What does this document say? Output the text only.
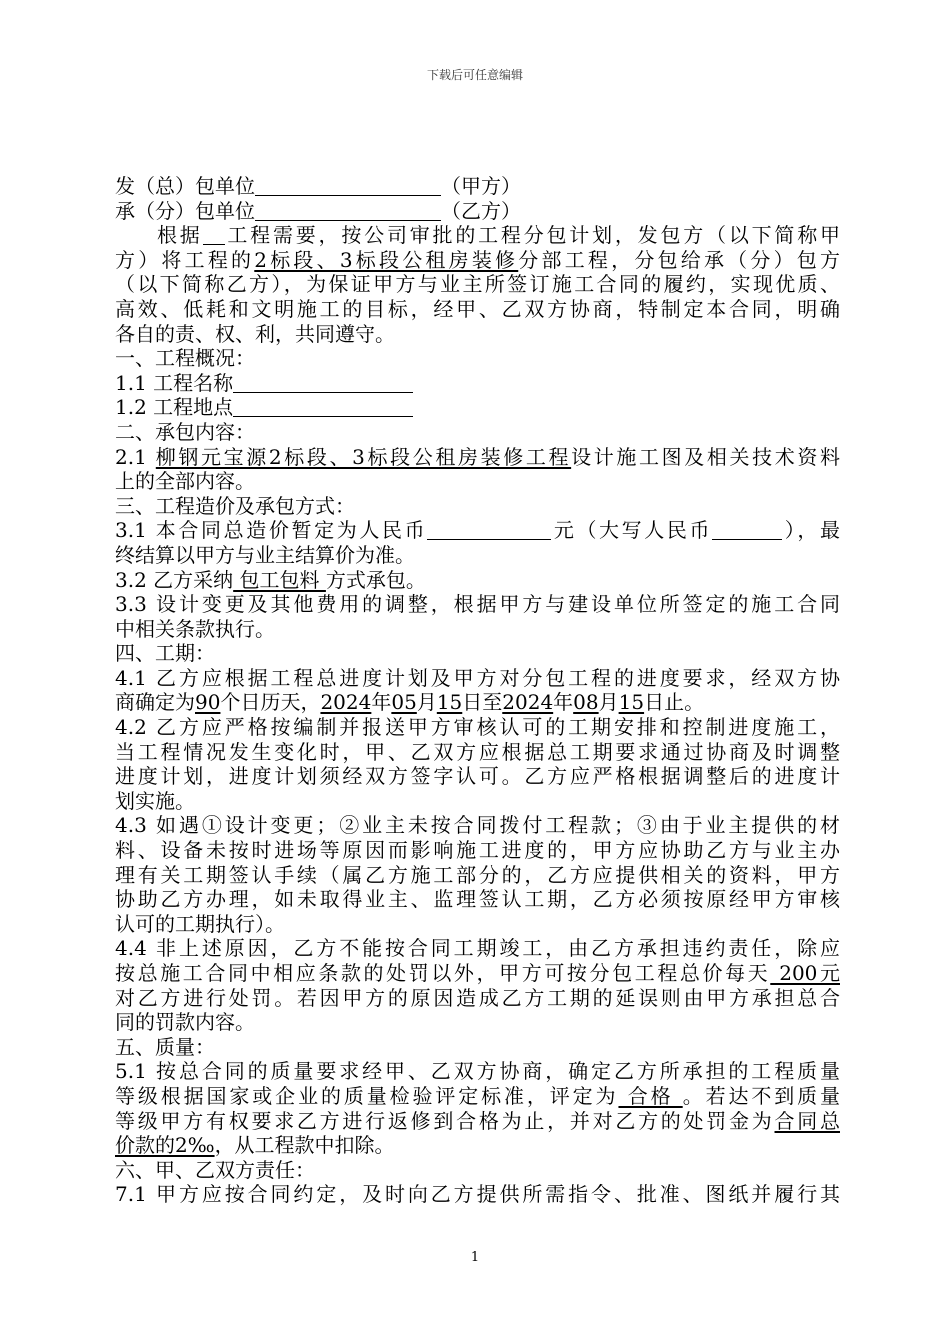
下载后可任意编辑
发（总）包单位	（甲方）
承（分）包单位	（乙方）
根据 工程需要，按公司审批的工程分包计划，发包方（以下简称甲
方）将工程的2标段、3标段公租房装修分部工程，分包给承（分）包方
（以下简称乙方），为保证甲方与业主所签订施工合同的履约，实现优质、
高效、低耗和文明施工的目标，经甲、乙双方协商，特制定本合同，明确
各自的责、权、利，共同遵守。
一、工程概况：
1.1 工程名称
1.2 工程地点
二、承包内容：
2.1 柳钢元宝源2标段、3标段公租房装修工程设计施工图及相关技术资料
上的全部内容。
三、工程造价及承包方式：
3.1 本合同总造价暂定为人民币	元（大写人民币	），最
终结算以甲方与业主结算价为准。
3.2 乙方采纳 包工包料 方式承包。
3.3 设计变更及其他费用的调整，根据甲方与建设单位所签定的施工合同
中相关条款执行。
四、工期：
4.1 乙方应根据工程总进度计划及甲方对分包工程的进度要求，经双方协
商确定为90个日历天，2024年05月15日至2024年08月15日止。
4.2 乙方应严格按编制并报送甲方审核认可的工期安排和控制进度施工，
当工程情况发生变化时，甲、乙双方应根据总工期要求通过协商及时调整
进度计划，进度计划须经双方签字认可。乙方应严格根据调整后的进度计
划实施。
4.3 如遇①设计变更；②业主未按合同拨付工程款；③由于业主提供的材
料、设备未按时进场等原因而影响施工进度的，甲方应协助乙方与业主办
理有关工期签认手续（属乙方施工部分的，乙方应提供相关的资料，甲方
协助乙方办理，如未取得业主、监理签认工期，乙方必须按原经甲方审核
认可的工期执行）。
4.4 非上述原因，乙方不能按合同工期竣工，由乙方承担违约责任，除应
按总施工合同中相应条款的处罚以外，甲方可按分包工程总价每天 200元
对乙方进行处罚。若因甲方的原因造成乙方工期的延误则由甲方承担总合
同的罚款内容。
五、质量：
5.1 按总合同的质量要求经甲、乙双方协商，确定乙方所承担的工程质量
等级根据国家或企业的质量检验评定标准，评定为 合格 。若达不到质量
等级甲方有权要求乙方进行返修到合格为止，并对乙方的处罚金为合同总
价款的2‰，从工程款中扣除。
六、甲、乙双方责任：
7.1 甲方应按合同约定，及时向乙方提供所需指令、批准、图纸并履行其
1
